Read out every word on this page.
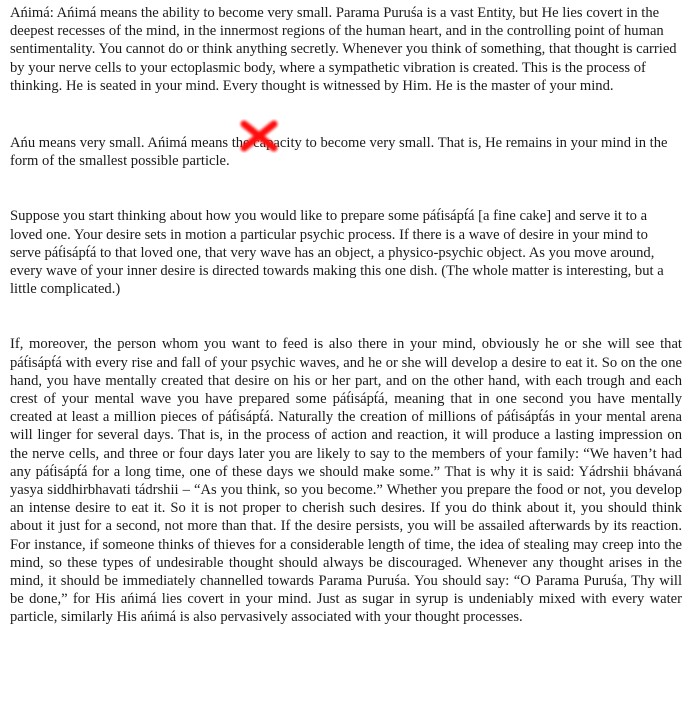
Ańimá: Ańimá means the ability to become very small. Parama Puruśa is a vast Entity, but He lies covert in the deepest recesses of the mind, in the innermost regions of the human heart, and in the controlling point of human sentimentality. You cannot do or think anything secretly. Whenever you think of something, that thought is carried by your nerve cells to your ectoplasmic body, where a sympathetic vibration is created. This is the process of thinking. He is seated in your mind. Every thought is witnessed by Him. He is the master of your mind.

Ańu means very small. Ańimá means the capacity to become very small. That is, He remains in your mind in the form of the smallest possible particle.

Suppose you start thinking about how you would like to prepare some pát́isápt́á [a fine cake] and serve it to a loved one. Your desire sets in motion a particular psychic process. If there is a wave of desire in your mind to serve pát́isápt́á to that loved one, that very wave has an object, a physico-psychic object. As you move around, every wave of your inner desire is directed towards making this one dish. (The whole matter is interesting, but a little complicated.)

If, moreover, the person whom you want to feed is also there in your mind, obviously he or she will see that pát́isápt́á with every rise and fall of your psychic waves, and he or she will develop a desire to eat it. So on the one hand, you have mentally created that desire on his or her part, and on the other hand, with each trough and each crest of your mental wave you have prepared some pát́isápt́á, meaning that in one second you have mentally created at least a million pieces of pát́isápt́á. Naturally the creation of millions of pát́isápt́ás in your mental arena will linger for several days. That is, in the process of action and reaction, it will produce a lasting impression on the nerve cells, and three or four days later you are likely to say to the members of your family: “We haven’t had any pát́isápt́á for a long time, one of these days we should make some.” That is why it is said: Yádrshii bhávaná yasya siddhirbhavati tádrshii – “As you think, so you become.” Whether you prepare the food or not, you develop an intense desire to eat it. So it is not proper to cherish such desires. If you do think about it, you should think about it just for a second, not more than that. If the desire persists, you will be assailed afterwards by its reaction. For instance, if someone thinks of thieves for a considerable length of time, the idea of stealing may creep into the mind, so these types of undesirable thought should always be discouraged. Whenever any thought arises in the mind, it should be immediately channelled towards Parama Puruśa. You should say: “O Parama Puruśa, Thy will be done,” for His ańimá lies covert in your mind. Just as sugar in syrup is undeniably mixed with every water particle, similarly His ańimá is also pervasively associated with your thought processes.
